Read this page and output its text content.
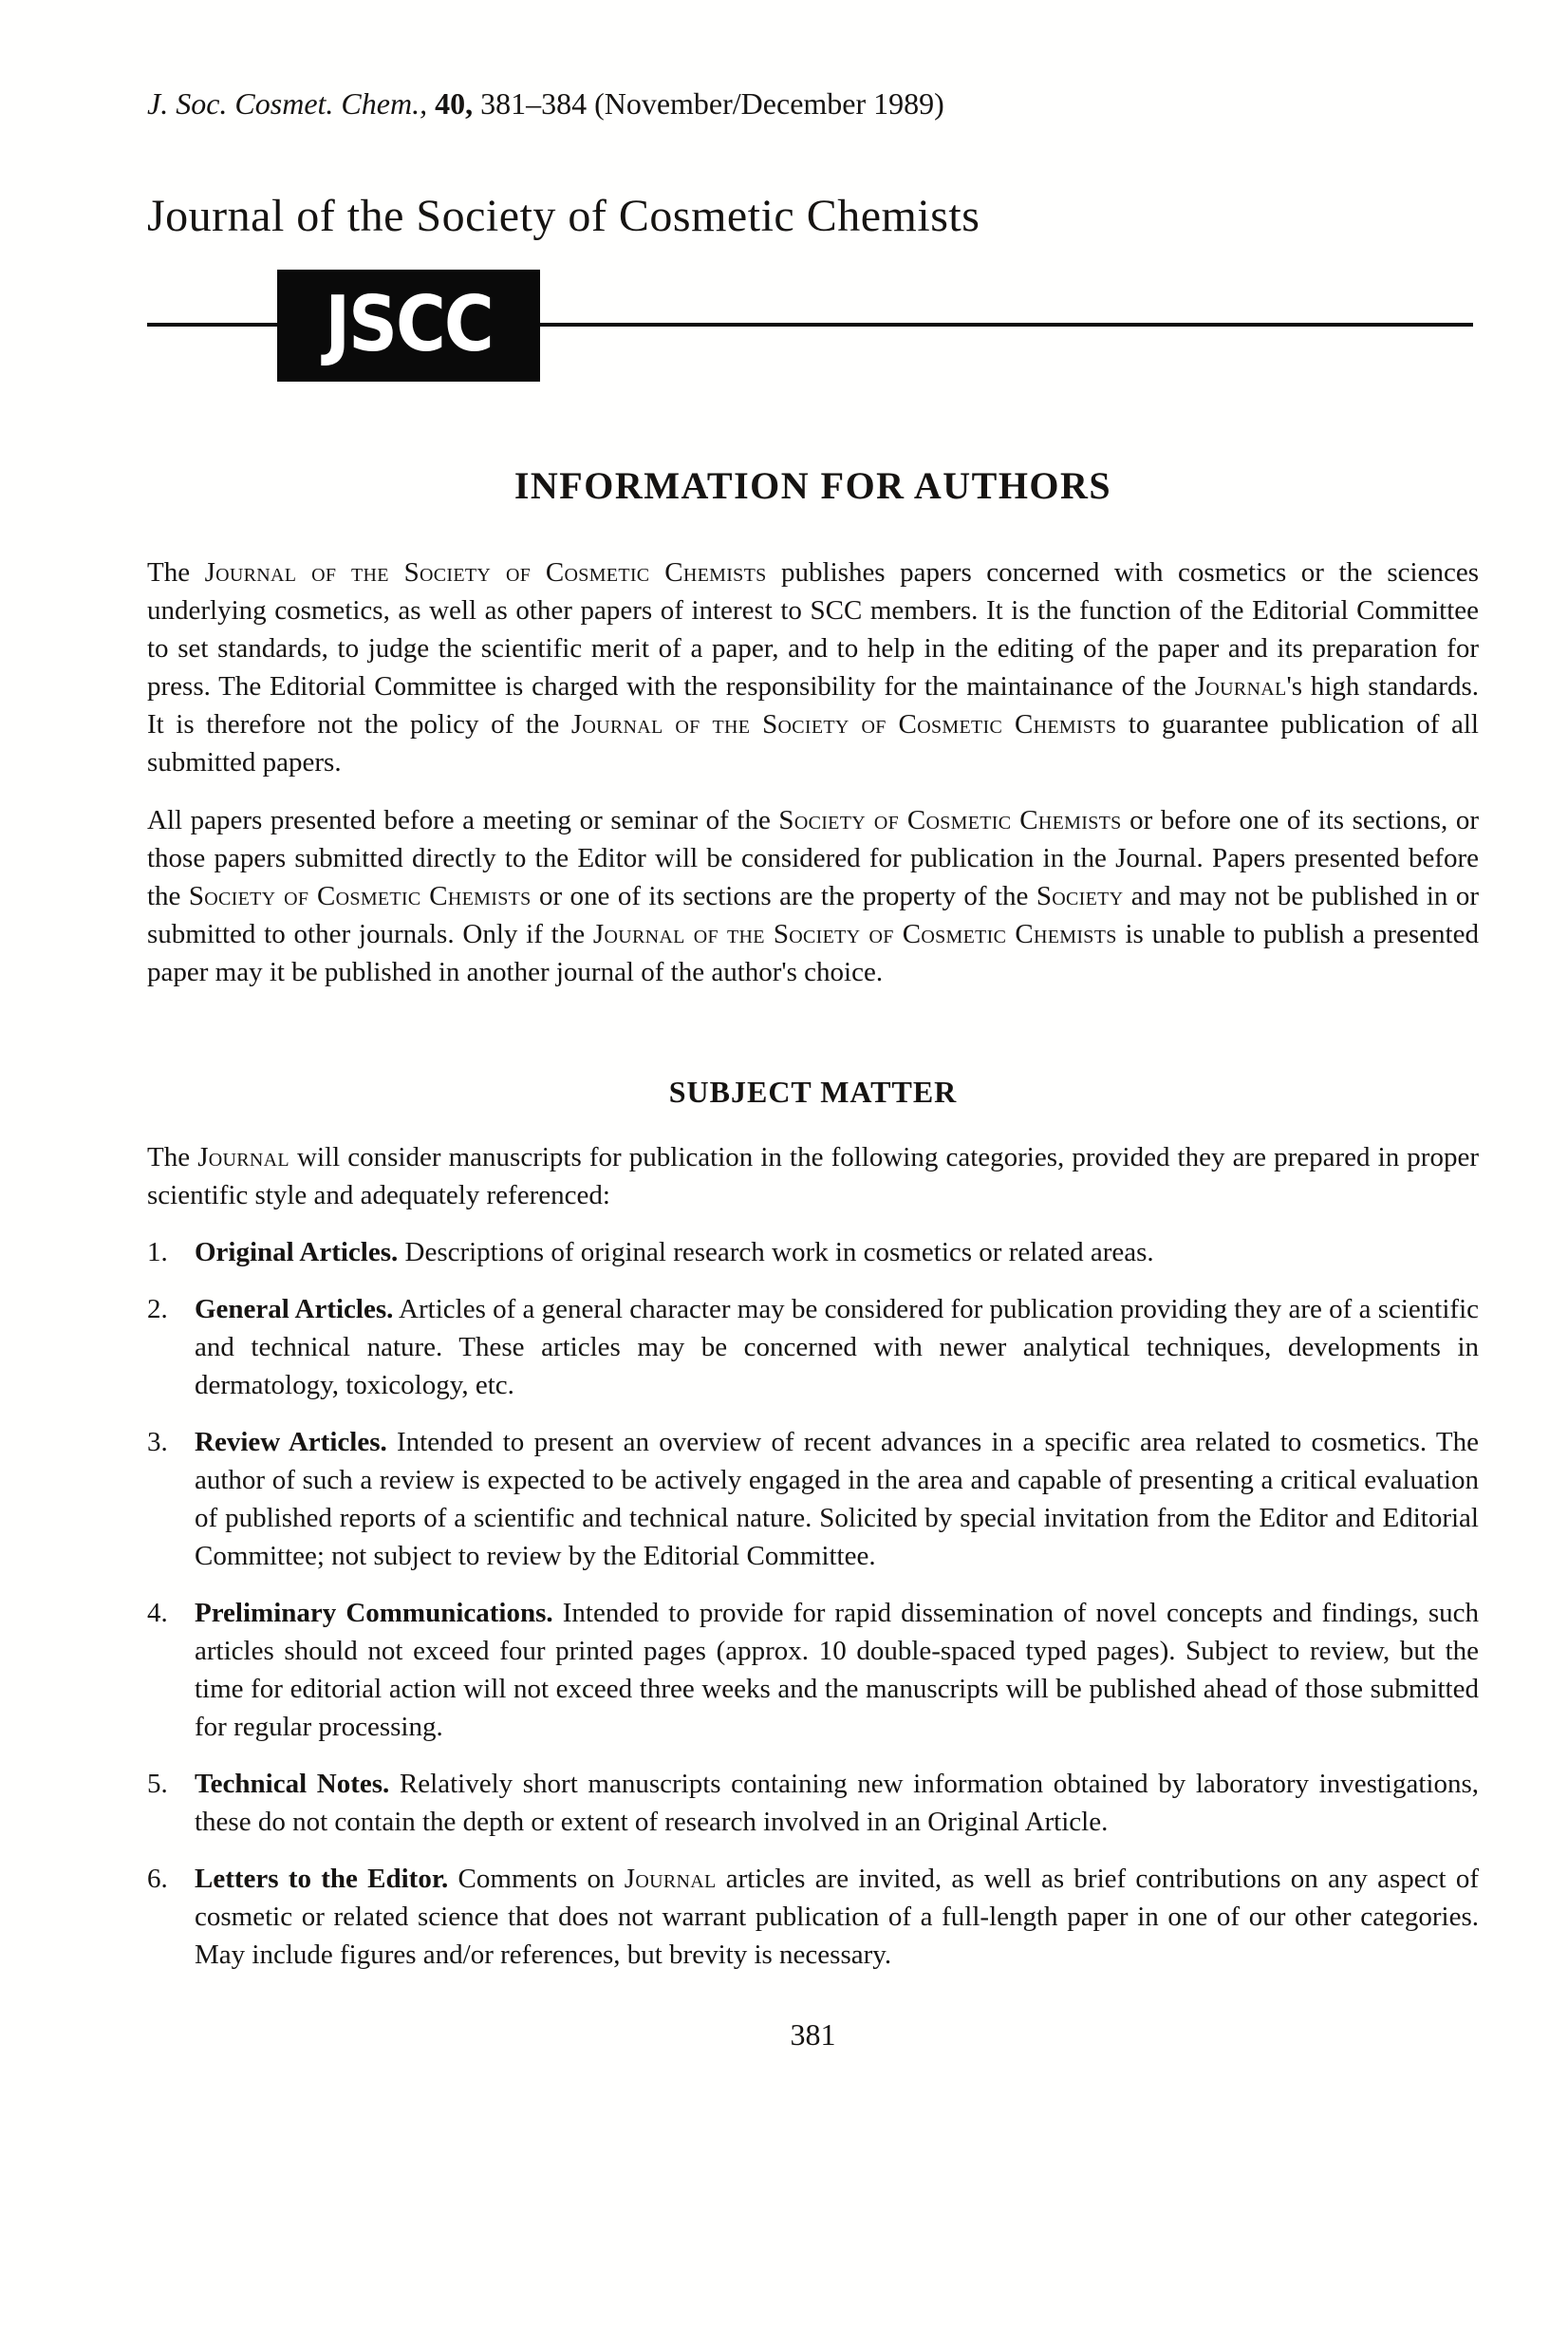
J. Soc. Cosmet. Chem., 40, 381–384 (November/December 1989)
Journal of the Society of Cosmetic Chemists
JSCC
INFORMATION FOR AUTHORS
The Journal of the Society of Cosmetic Chemists publishes papers concerned with cosmetics or the sciences underlying cosmetics, as well as other papers of interest to SCC members. It is the function of the Editorial Committee to set standards, to judge the scientific merit of a paper, and to help in the editing of the paper and its preparation for press. The Editorial Committee is charged with the responsibility for the maintainance of the Journal's high standards. It is therefore not the policy of the Journal of the Society of Cosmetic Chemists to guarantee publication of all submitted papers.
All papers presented before a meeting or seminar of the Society of Cosmetic Chemists or before one of its sections, or those papers submitted directly to the Editor will be considered for publication in the Journal. Papers presented before the Society of Cosmetic Chemists or one of its sections are the property of the Society and may not be published in or submitted to other journals. Only if the Journal of the Society of Cosmetic Chemists is unable to publish a presented paper may it be published in another journal of the author's choice.
SUBJECT MATTER
The Journal will consider manuscripts for publication in the following categories, provided they are prepared in proper scientific style and adequately referenced:
1. Original Articles. Descriptions of original research work in cosmetics or related areas.
2. General Articles. Articles of a general character may be considered for publication providing they are of a scientific and technical nature. These articles may be concerned with newer analytical techniques, developments in dermatology, toxicology, etc.
3. Review Articles. Intended to present an overview of recent advances in a specific area related to cosmetics. The author of such a review is expected to be actively engaged in the area and capable of presenting a critical evaluation of published reports of a scientific and technical nature. Solicited by special invitation from the Editor and Editorial Committee; not subject to review by the Editorial Committee.
4. Preliminary Communications. Intended to provide for rapid dissemination of novel concepts and findings, such articles should not exceed four printed pages (approx. 10 double-spaced typed pages). Subject to review, but the time for editorial action will not exceed three weeks and the manuscripts will be published ahead of those submitted for regular processing.
5. Technical Notes. Relatively short manuscripts containing new information obtained by laboratory investigations, these do not contain the depth or extent of research involved in an Original Article.
6. Letters to the Editor. Comments on Journal articles are invited, as well as brief contributions on any aspect of cosmetic or related science that does not warrant publication of a full-length paper in one of our other categories. May include figures and/or references, but brevity is necessary.
381
